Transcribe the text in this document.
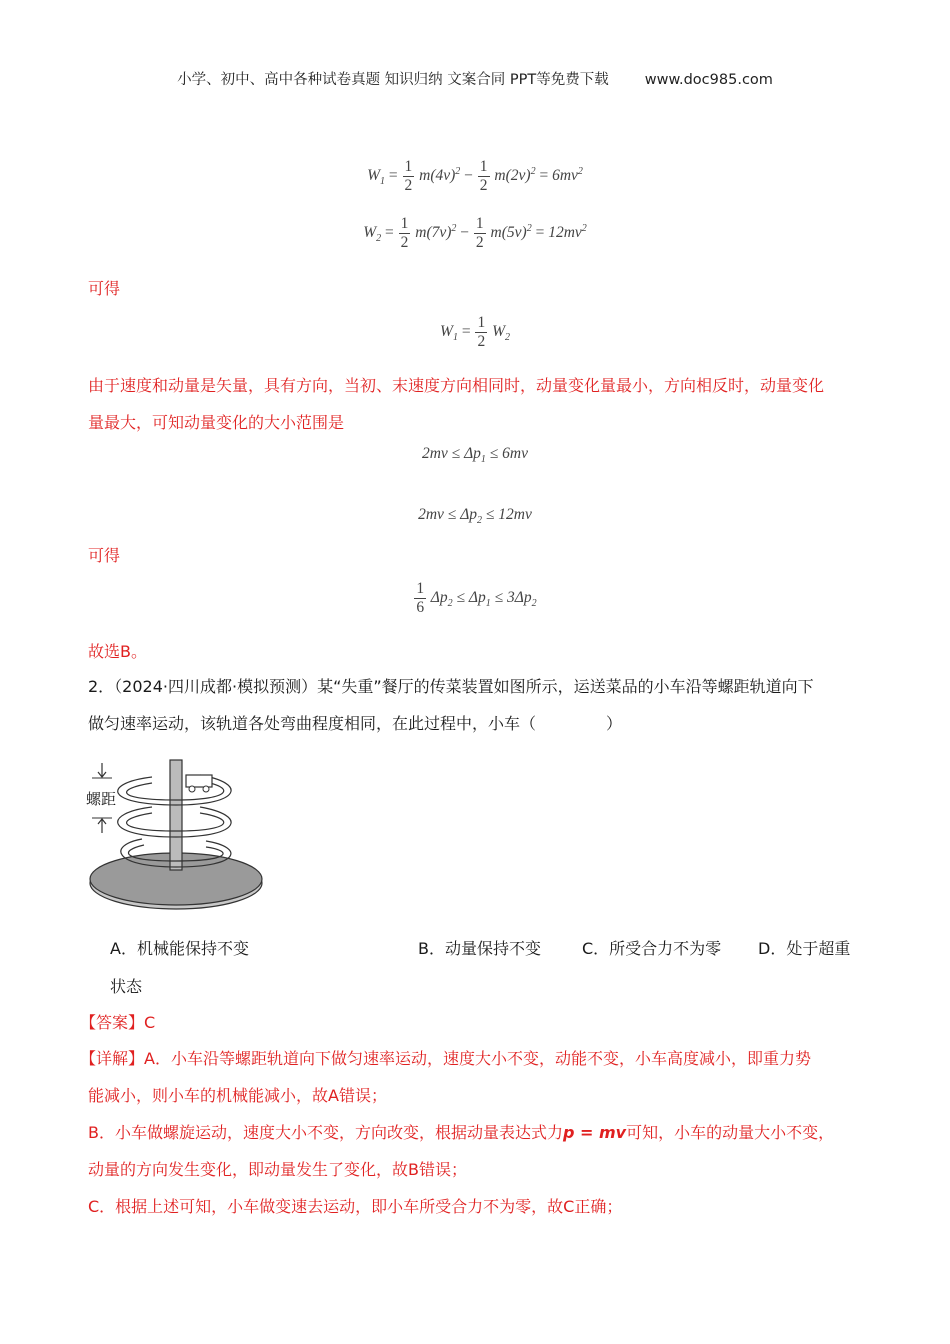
小学、初中、高中各种试卷真题 知识归纳 文案合同 PPT等免费下载 www.doc985.com
$W_1 = \frac{1}{2} m(4v)^2 - \frac{1}{2} m(2v)^2 = 6mv^2$
$W_2 = \frac{1}{2} m(7v)^2 - \frac{1}{2} m(5v)^2 = 12mv^2$
可得
$W_1 = \frac{1}{2} W_2$
由于速度和动量是矢量，具有方向，当初、末速度方向相同时，动量变化量最小，方向相反时，动量变化
量最大，可知动量变化的大小范围是
$2mv \le \Delta p_1 \le 6mv$
$2mv \le \Delta p_2 \le 12mv$
可得
$\frac{1}{6} \Delta p_2 \le \Delta p_1 \le 3\Delta p_2$
故选B。
2．（2024·四川成都·模拟预测）某“失重”餐厅的传菜装置如图所示，运送菜品的小车沿等螺距轨道向下
做匀速率运动，该轨道各处弯曲程度相同，在此过程中，小车（	）
螺距
A．机械能保持不变	B．动量保持不变	C．所受合力不为零 D．处于超重
状态
【答案】C
【详解】A．小车沿等螺距轨道向下做匀速率运动，速度大小不变，动能不变，小车高度减小，即重力势
能减小，则小车的机械能减小，故A错误；
B．小车做螺旋运动，速度大小不变，方向改变，根据动量表达式力p = mv可知，小车的动量大小不变，
动量的方向发生变化，即动量发生了变化，故B错误；
C．根据上述可知，小车做变速去运动，即小车所受合力不为零，故C正确；
